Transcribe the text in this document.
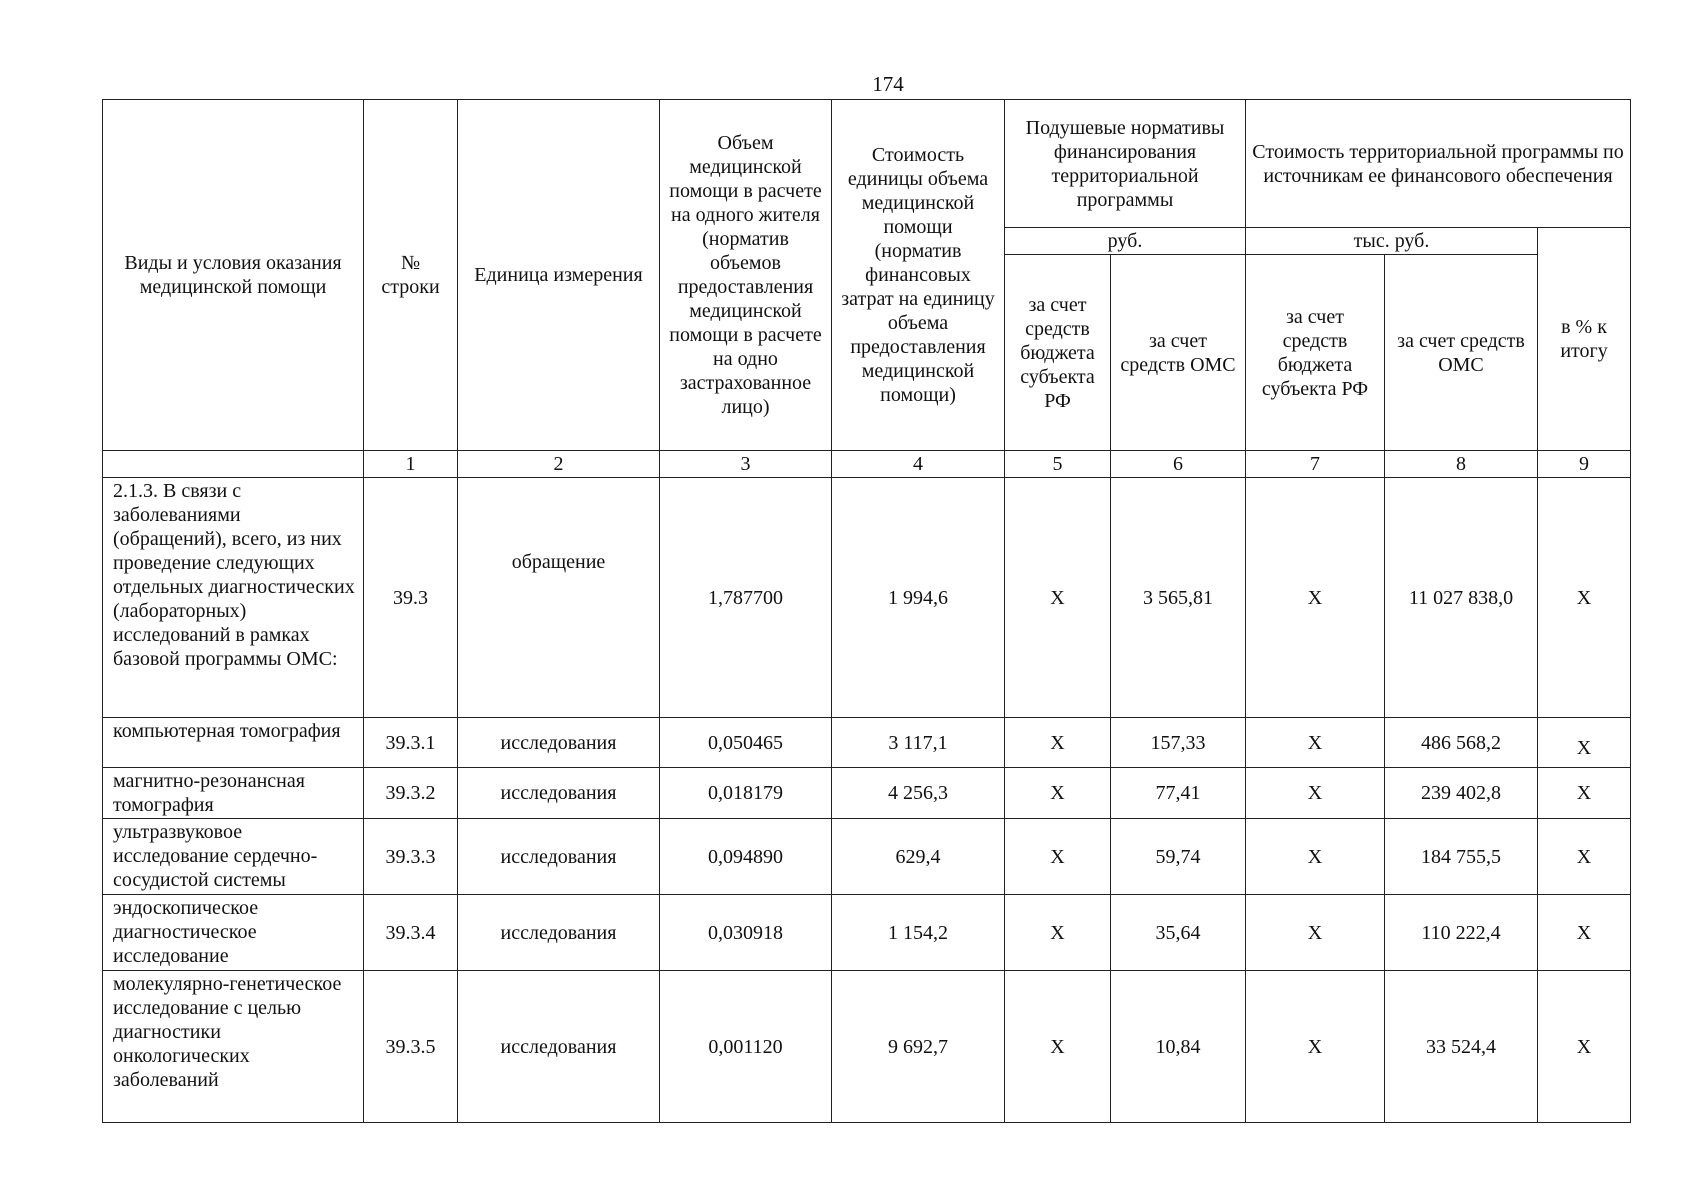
174
Виды и условия оказания медицинской помощи	№ строки	Единица измерения	Объем медицинской помощи в расчете на одного жителя (норматив объемов предоставления медицинской помощи в расчете на одно застрахованное лицо)	Стоимость единицы объема медицинской помощи (норматив финансовых затрат на единицу объема предоставления медицинской помощи)	Подушевые нормативы финансирования территориальной программы		Стоимость территориальной программы по источникам ее финансового обеспечения		
					руб.		тыс. руб.		в % к итогу
					за счет средств бюджета субъекта РФ	за счет средств ОМС	за счет средств бюджета субъекта РФ	за счет средств ОМС	
	1	2	3	4	5	6	7	8	9
2.1.3. В связи с заболеваниями (обращений), всего, из них проведение следующих отдельных диагностических (лабораторных) исследований в рамках базовой программы ОМС:	39.3	обращение	1,787700	1 994,6	Х	3 565,81	Х	11 027 838,0	Х
компьютерная томография	39.3.1	исследования	0,050465	3 117,1	Х	157,33	Х	486 568,2	Х
магнитно-резонансная томография	39.3.2	исследования	0,018179	4 256,3	Х	77,41	Х	239 402,8	Х
ультразвуковое исследование сердечно-сосудистой системы	39.3.3	исследования	0,094890	629,4	Х	59,74	Х	184 755,5	Х
эндоскопическое диагностическое исследование	39.3.4	исследования	0,030918	1 154,2	Х	35,64	Х	110 222,4	Х
молекулярно-генетическое исследование с целью диагностики онкологических заболеваний	39.3.5	исследования	0,001120	9 692,7	Х	10,84	Х	33 524,4	Х
